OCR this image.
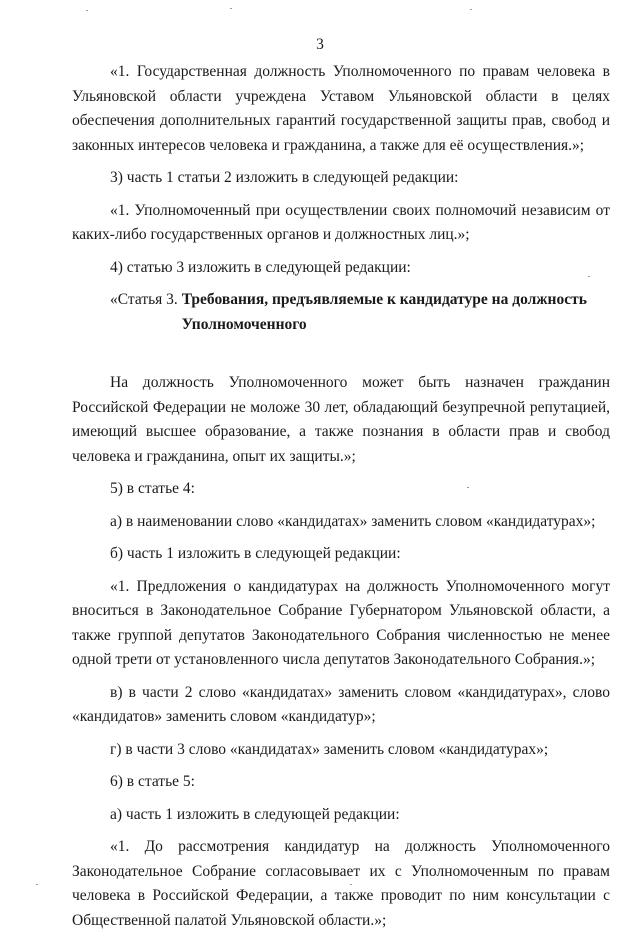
3

«1. Государственная должность Уполномоченного по правам человека в Ульяновской области учреждена Уставом Ульяновской области в целях обеспечения дополнительных гарантий государственной защиты прав, свобод и законных интересов человека и гражданина, а также для её осуществления.»;

3) часть 1 статьи 2 изложить в следующей редакции:

«1. Уполномоченный при осуществлении своих полномочий независим от каких-либо государственных органов и должностных лиц.»;

4) статью 3 изложить в следующей редакции:

«Статья 3. Требования, предъявляемые к кандидатуре на должность Уполномоченного

На должность Уполномоченного может быть назначен гражданин Российской Федерации не моложе 30 лет, обладающий безупречной репутацией, имеющий высшее образование, а также познания в области прав и свобод человека и гражданина, опыт их защиты.»;

5) в статье 4:

а) в наименовании слово «кандидатах» заменить словом «кандидатурах»;

б) часть 1 изложить в следующей редакции:

«1. Предложения о кандидатурах на должность Уполномоченного могут вноситься в Законодательное Собрание Губернатором Ульяновской области, а также группой депутатов Законодательного Собрания численностью не менее одной трети от установленного числа депутатов Законодательного Собрания.»;

в) в части 2 слово «кандидатах» заменить словом «кандидатурах», слово «кандидатов» заменить словом «кандидатур»;

г) в части 3 слово «кандидатах» заменить словом «кандидатурах»;

6) в статье 5:

а) часть 1 изложить в следующей редакции:

«1. До рассмотрения кандидатур на должность Уполномоченного Законодательное Собрание согласовывает их с Уполномоченным по правам человека в Российской Федерации, а также проводит по ним консультации с Общественной палатой Ульяновской области.»;
